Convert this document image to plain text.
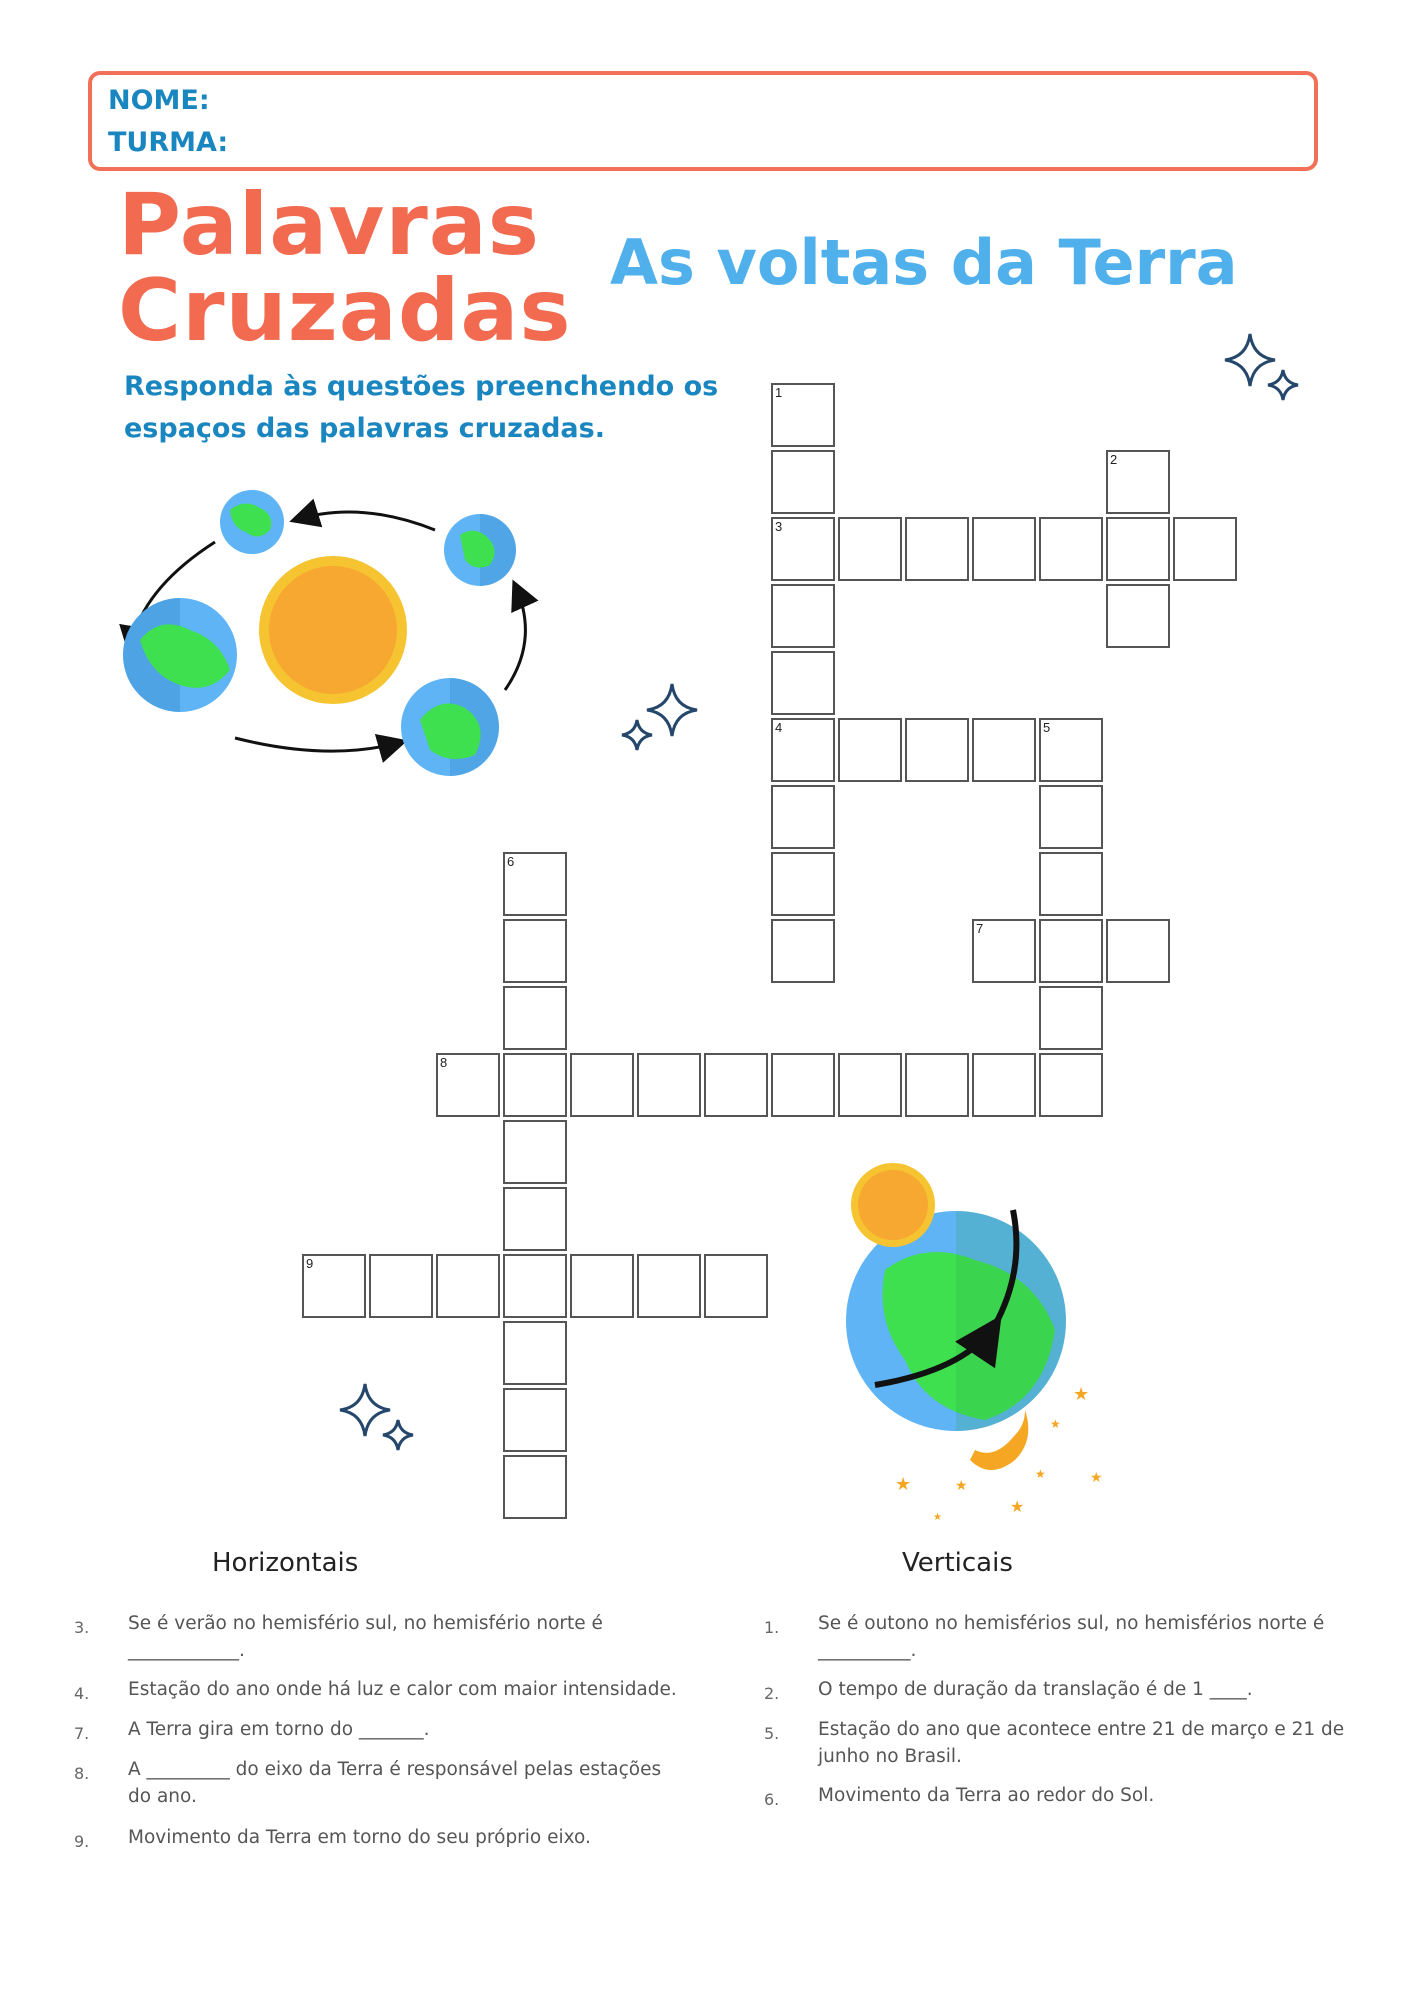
NOME:
TURMA:
Palavras
Cruzadas As voltas da Terra
Responda às questões preenchendo os espaços das palavras cruzadas.
★
★
★	★
★	★
★
★
1
3
4
2
5
7
6
8
9
Horizontais	Verticais
3. Se é verão no hemisfério sul, no hemisfério norte é ____________.
4. Estação do ano onde há luz e calor com maior intensidade.
7. A Terra gira em torno do _______.
8. A _________ do eixo da Terra é responsável pelas estações do ano.
9. Movimento da Terra em torno do seu próprio eixo.
1. Se é outono no hemisférios sul, no hemisférios norte é __________.
2. O tempo de duração da translação é de 1 ____.
5. Estação do ano que acontece entre 21 de março e 21 de junho no Brasil.
6. Movimento da Terra ao redor do Sol.
